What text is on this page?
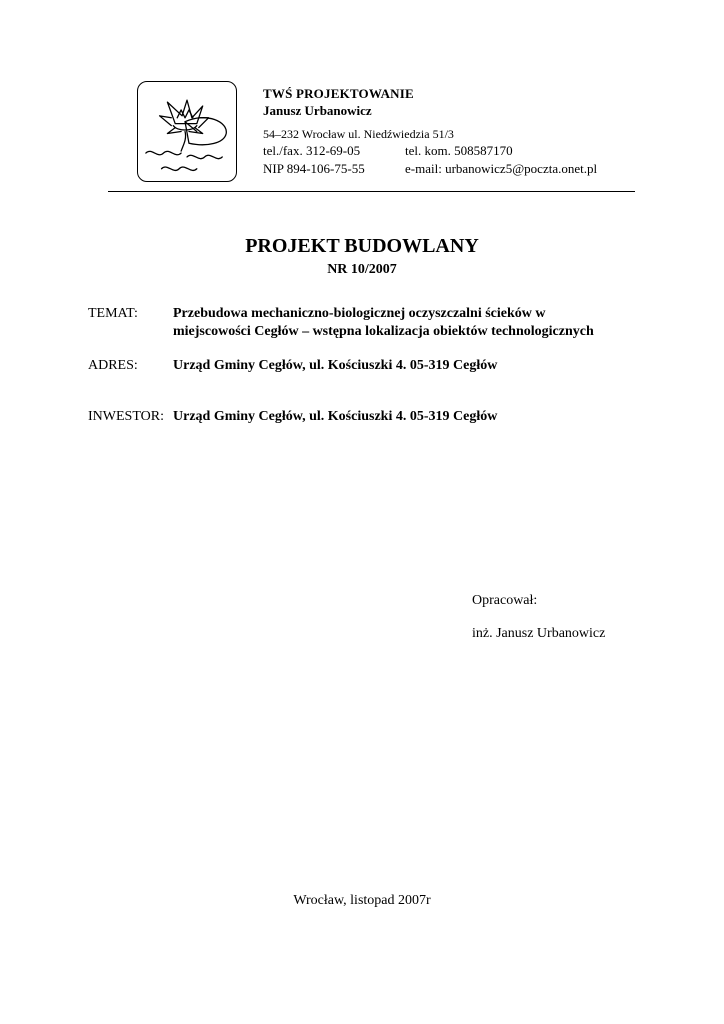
TWŚ PROJEKTOWANIE
Janusz Urbanowicz
54–232 Wrocław ul. Niedźwiedzia 51/3
tel./fax. 312-69-05	tel. kom. 508587170
NIP 894-106-75-55	e-mail: urbanowicz5@poczta.onet.pl
PROJEKT BUDOWLANY
NR 10/2007
TEMAT:	Przebudowa mechaniczno-biologicznej oczyszczalni ścieków w
miejscowości Cegłów – wstępna lokalizacja obiektów technologicznych
ADRES:	Urząd Gminy Cegłów, ul. Kościuszki 4. 05-319 Cegłów
INWESTOR: Urząd Gminy Cegłów, ul. Kościuszki 4. 05-319 Cegłów
Opracował:
inż. Janusz Urbanowicz
Wrocław, listopad 2007r
